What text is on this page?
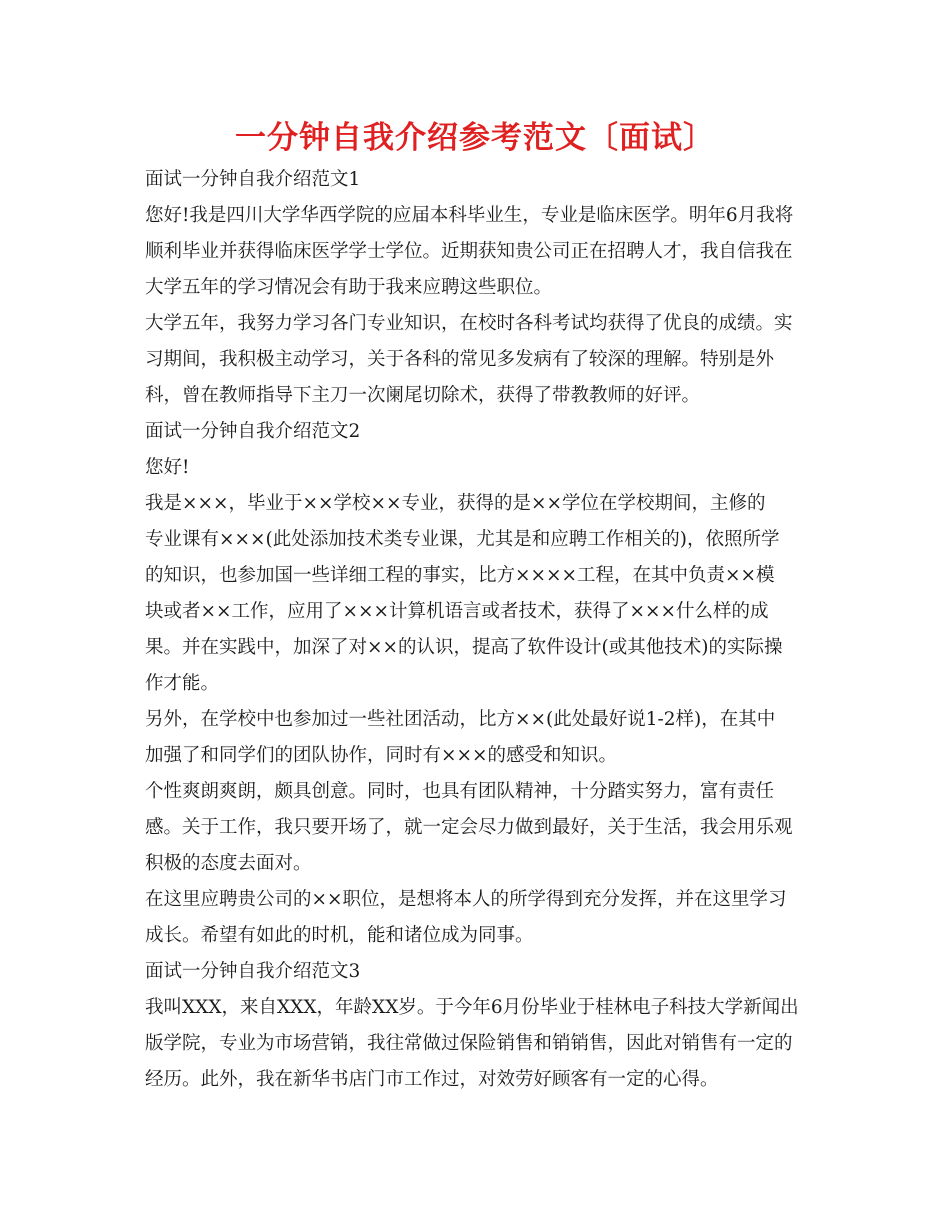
一分钟自我介绍参考范文〔面试〕
面试一分钟自我介绍范文1
您好!我是四川大学华西学院的应届本科毕业生，专业是临床医学。明年6月我将
顺利毕业并获得临床医学学士学位。近期获知贵公司正在招聘人才，我自信我在
大学五年的学习情况会有助于我来应聘这些职位。
大学五年，我努力学习各门专业知识，在校时各科考试均获得了优良的成绩。实
习期间，我积极主动学习，关于各科的常见多发病有了较深的理解。特别是外
科，曾在教师指导下主刀一次阑尾切除术，获得了带教教师的好评。
面试一分钟自我介绍范文2
您好!
我是×××，毕业于××学校××专业，获得的是××学位在学校期间，主修的
专业课有×××(此处添加技术类专业课，尤其是和应聘工作相关的)，依照所学
的知识，也参加国一些详细工程的事实，比方××××工程，在其中负责××模
块或者××工作，应用了×××计算机语言或者技术，获得了×××什么样的成
果。并在实践中，加深了对××的认识，提高了软件设计(或其他技术)的实际操
作才能。
另外，在学校中也参加过一些社团活动，比方××(此处最好说1-2样)，在其中
加强了和同学们的团队协作，同时有×××的感受和知识。
个性爽朗爽朗，颇具创意。同时，也具有团队精神，十分踏实努力，富有责任
感。关于工作，我只要开场了，就一定会尽力做到最好，关于生活，我会用乐观
积极的态度去面对。
在这里应聘贵公司的××职位，是想将本人的所学得到充分发挥，并在这里学习
成长。希望有如此的时机，能和诸位成为同事。
面试一分钟自我介绍范文3
我叫XXX，来自XXX，年龄XX岁。于今年6月份毕业于桂林电子科技大学新闻出
版学院，专业为市场营销，我往常做过保险销售和销销售，因此对销售有一定的
经历。此外，我在新华书店门市工作过，对效劳好顾客有一定的心得。
